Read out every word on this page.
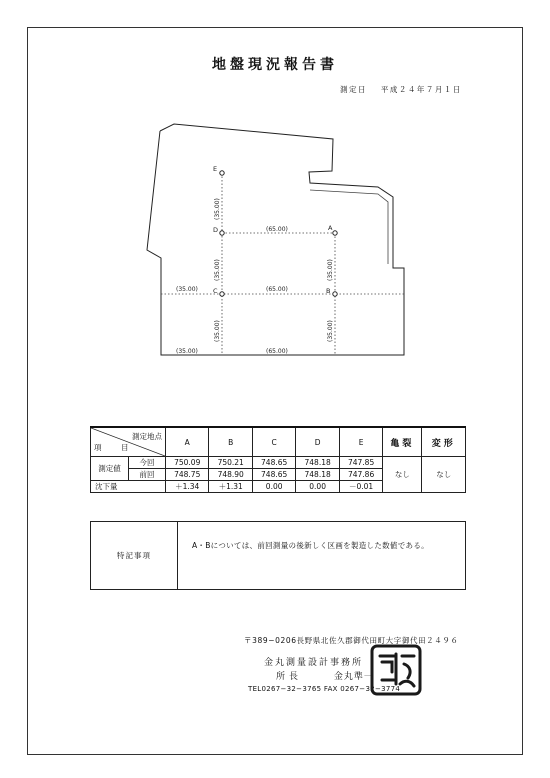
地盤現況報告書
測定日 平成２４年７月１日
E
D
C	B
A
(65.00)
(65.00)
(35.00)
(35.00)	(65.00)
(35.00)
(35.00)
(35.00)
(35.00)
(35.00)
測定地点
項　目		A	B	C	D	E	亀裂	変形
測定値	今回	750.09	750.21	748.65	748.18	747.85	なし	なし
	前回	748.75	748.90	748.65	748.18	747.86		
沈下量		＋1.34	＋1.31	0.00	0.00	－0.01		
特記事項
A・Bについては、前回測量の後新しく区画を製造した数値である。
〒389−0206長野県北佐久郡御代田町大字御代田２４９６
金丸測量設計事務所
所長	金丸準一
TEL0267−32−3765 FAX 0267−32−3774
